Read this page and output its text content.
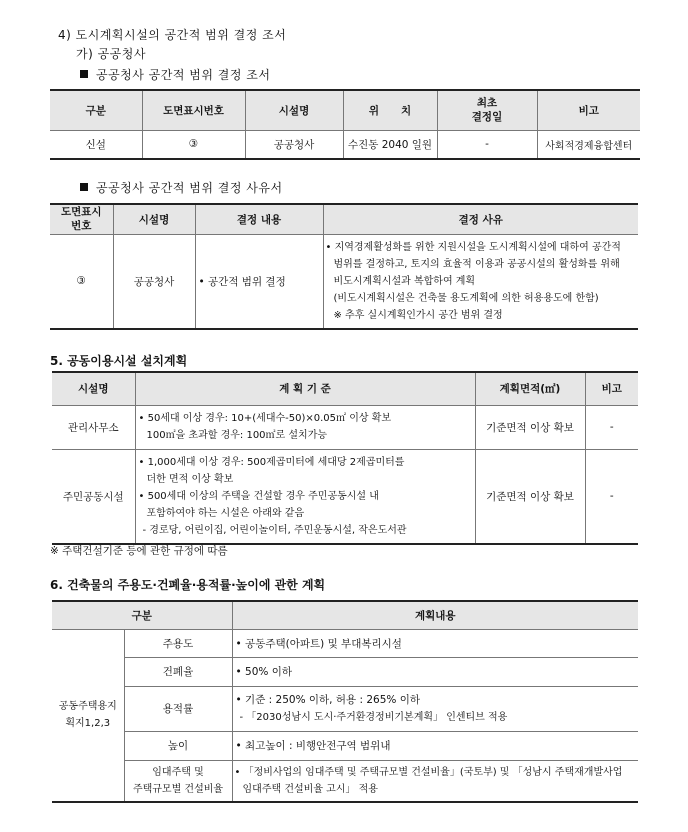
4) 도시계획시설의 공간적 범위 결정 조서
가) 공공청사
공공청사 공간적 범위 결정 조서
구분	도면표시번호	시설명	위      치	최초
결정일	비고
신설	③	공공청사	수진동 2040 일원	-	사회적경제융합센터
공공청사 공간적 범위 결정 사유서
도면표시
번호	시설명	결정 내용	결정 사유
③	공공청사	• 공간적 범위 결정	• 지역경제활성화를 위한 지원시설을 도시계획시설에 대하여 공간적
범위를 결정하고, 토지의 효율적 이용과 공공시설의 활성화를 위해
비도시계획시설과 복합하여 계획
(비도시계획시설은 건축물 용도계획에 의한 허용용도에 한함)
※ 추후 실시계획인가시 공간 범위 결정
5. 공동이용시설 설치계획
시설명	계 획 기 준	계획면적(㎡)	비고
관리사무소	• 50세대 이상 경우: 10+(세대수-50)×0.05㎡ 이상 확보
100㎡을 초과할 경우: 100㎡로 설치가능	기준면적 이상 확보	-
주민공동시설	• 1,000세대 이상 경우: 500제곱미터에 세대당 2제곱미터를
더한 면적 이상 확보
• 500세대 이상의 주택을 건설할 경우 주민공동시설 내
포함하여야 하는 시설은 아래와 같음
- 경로당, 어린이집, 어린이놀이터, 주민운동시설, 작은도서관	기준면적 이상 확보	-
※ 주택건설기준 등에 관한 규정에 따름
6. 건축물의 주용도·건폐율·용적률·높이에 관한 계획
구분		계획내용

공동주택용지
획지1,2,3	주용도	• 공동주택(아파트) 및 부대복리시설
	건폐율	• 50% 이하
	용적률	• 기준 : 250% 이하, 허용 : 265% 이하
- 「2030성남시 도시·주거환경정비기본계획」 인센티브 적용

	높이	• 최고높이 : 비행안전구역 범위내

	임대주택 및
주택규모별 건설비율	• 「정비사업의 임대주택 및 주택규모별 건설비율」(국토부) 및 「성남시 주택재개발사업
임대주택 건설비율 고시」 적용
